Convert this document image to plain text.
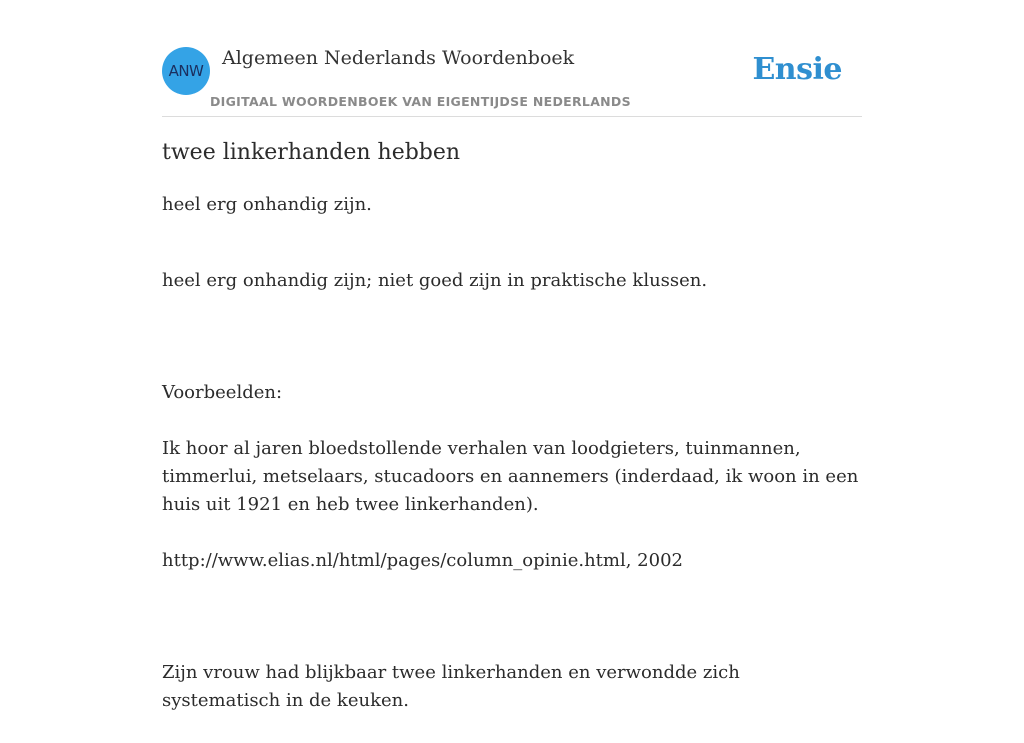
ANW
Algemeen Nederlands Woordenboek
DIGITAAL WOORDENBOEK VAN EIGENTIJDSE NEDERLANDS
Ensie
twee linkerhanden hebben

heel erg onhandig zijn.

heel erg onhandig zijn; niet goed zijn in praktische klussen.

Voorbeelden:

Ik hoor al jaren bloedstollende verhalen van loodgieters, tuinmannen, timmerlui, metselaars, stucadoors en aannemers (inderdaad, ik woon in een huis uit 1921 en heb twee linkerhanden).

http://www.elias.nl/html/pages/column_opinie.html, 2002

Zijn vrouw had blijkbaar twee linkerhanden en verwondde zich systematisch in de keuken.
